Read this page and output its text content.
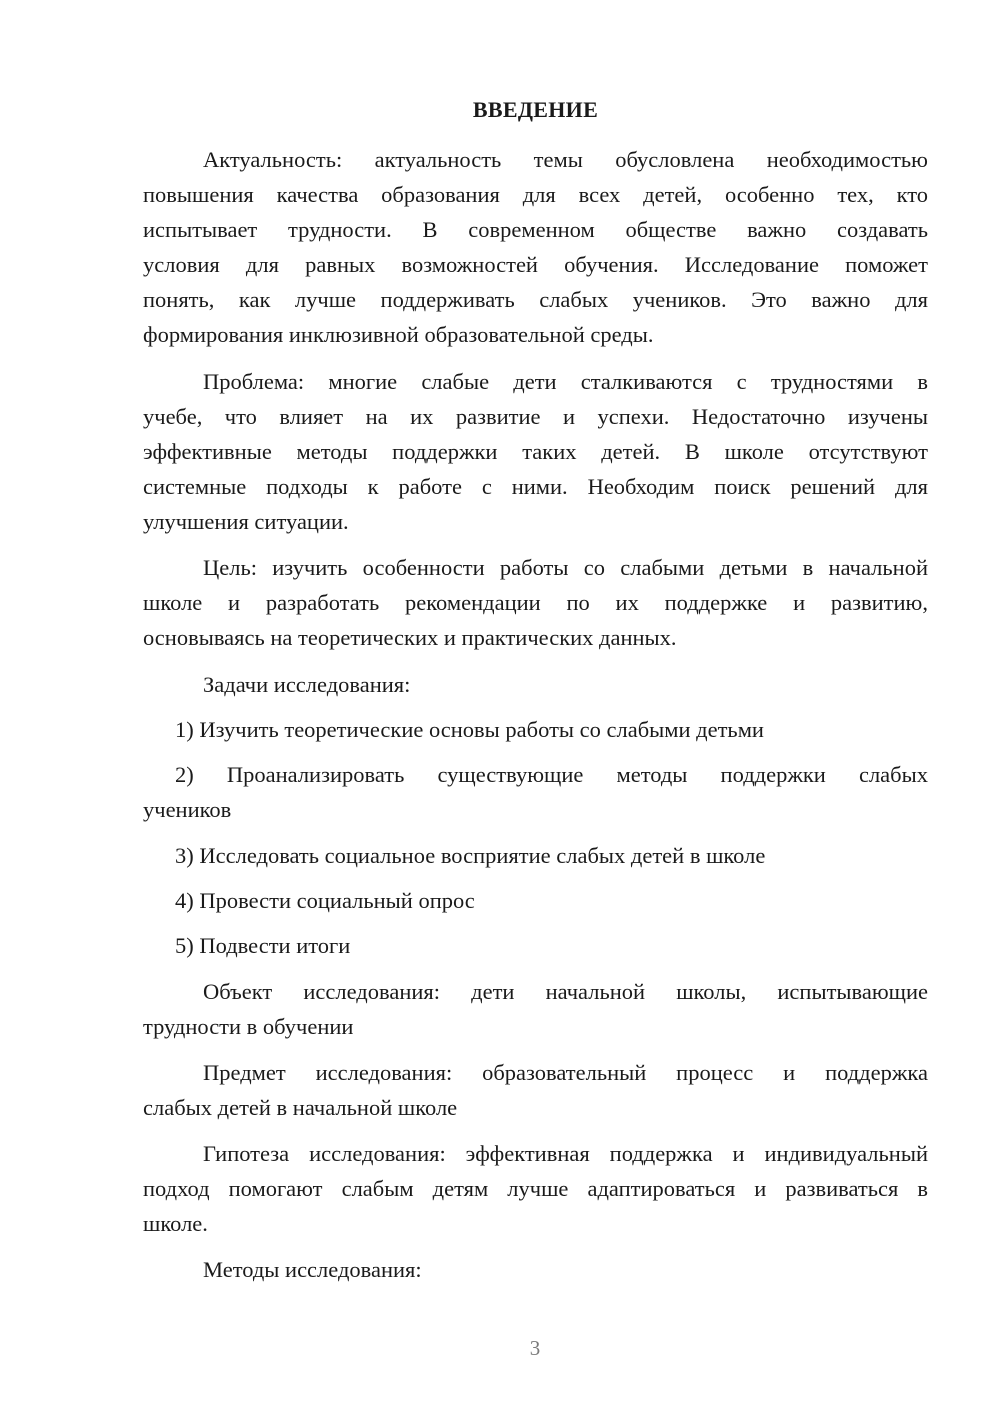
ВВЕДЕНИЕ
Актуальность: актуальность темы обусловлена необходимостью
повышения качества образования для всех детей, особенно тех, кто
испытывает трудности. В современном обществе важно создавать
условия для равных возможностей обучения. Исследование поможет
понять, как лучше поддерживать слабых учеников. Это важно для
формирования инклюзивной образовательной среды.
Проблема: многие слабые дети сталкиваются с трудностями в
учебе, что влияет на их развитие и успехи. Недостаточно изучены
эффективные методы поддержки таких детей. В школе отсутствуют
системные подходы к работе с ними. Необходим поиск решений для
улучшения ситуации.
Цель: изучить особенности работы со слабыми детьми в начальной
школе и разработать рекомендации по их поддержке и развитию,
основываясь на теоретических и практических данных.
Задачи исследования:
1) Изучить теоретические основы работы со слабыми детьми
2) Проанализировать существующие методы поддержки слабых
учеников
3) Исследовать социальное восприятие слабых детей в школе
4) Провести социальный опрос
5) Подвести итоги
Объект исследования: дети начальной школы, испытывающие
трудности в обучении
Предмет исследования: образовательный процесс и поддержка
слабых детей в начальной школе
Гипотеза исследования: эффективная поддержка и индивидуальный
подход помогают слабым детям лучше адаптироваться и развиваться в
школе.
Методы исследования:
3
